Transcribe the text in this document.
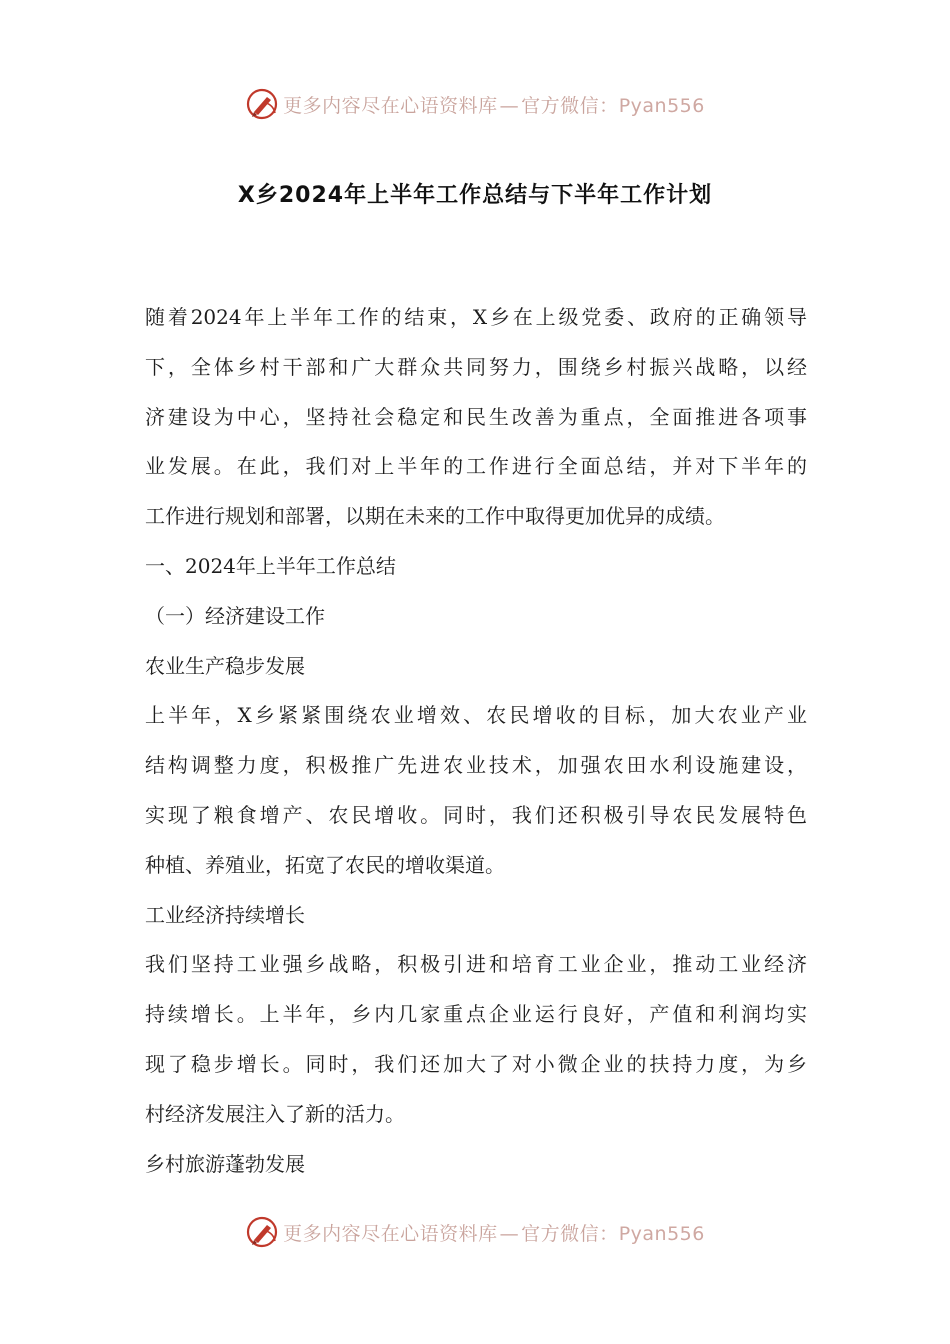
更多内容尽在心语资料库 — 官方微信：Pyan556
X乡2024年上半年工作总结与下半年工作计划
随着2024年上半年工作的结束，X乡在上级党委、政府的正确领导
下，全体乡村干部和广大群众共同努力，围绕乡村振兴战略，以经
济建设为中心，坚持社会稳定和民生改善为重点，全面推进各项事
业发展。在此，我们对上半年的工作进行全面总结，并对下半年的
工作进行规划和部署，以期在未来的工作中取得更加优异的成绩。
一、2024年上半年工作总结
（一）经济建设工作
农业生产稳步发展
上半年，X乡紧紧围绕农业增效、农民增收的目标，加大农业产业
结构调整力度，积极推广先进农业技术，加强农田水利设施建设，
实现了粮食增产、农民增收。同时，我们还积极引导农民发展特色
种植、养殖业，拓宽了农民的增收渠道。
工业经济持续增长
我们坚持工业强乡战略，积极引进和培育工业企业，推动工业经济
持续增长。上半年，乡内几家重点企业运行良好，产值和利润均实
现了稳步增长。同时，我们还加大了对小微企业的扶持力度，为乡
村经济发展注入了新的活力。
乡村旅游蓬勃发展
更多内容尽在心语资料库 — 官方微信：Pyan556
